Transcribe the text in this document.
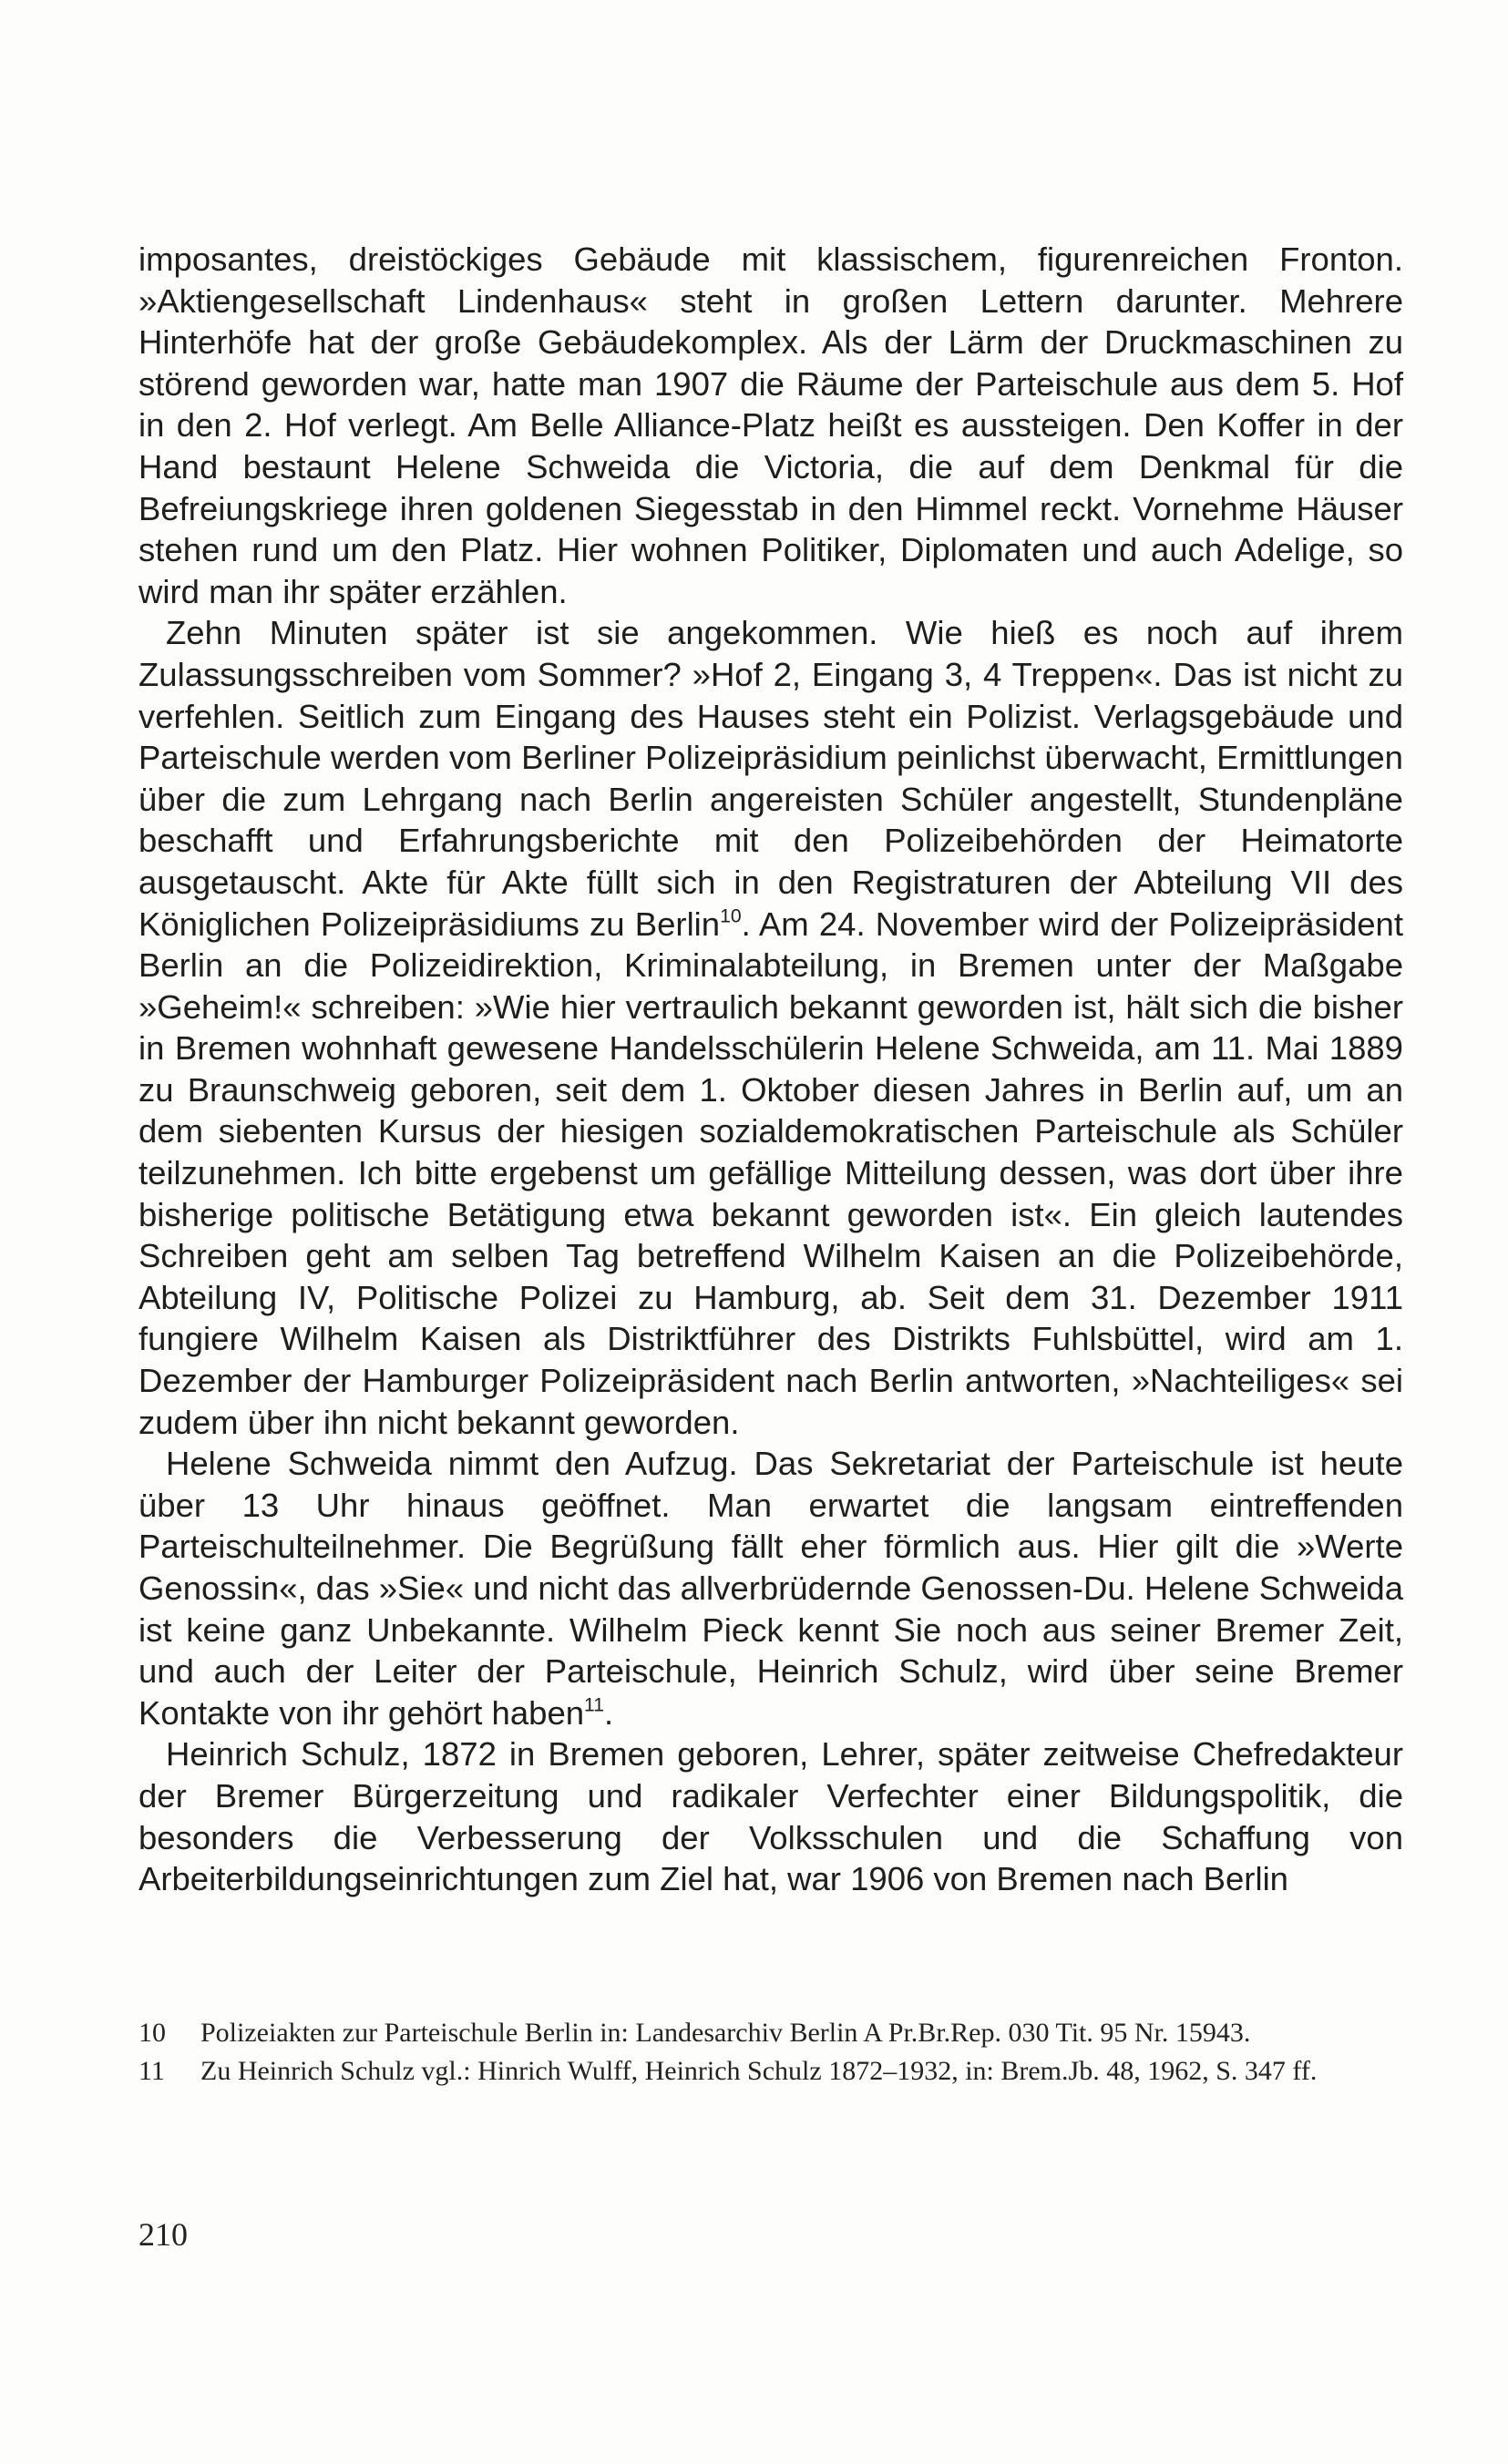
imposantes, dreistöckiges Gebäude mit klassischem, figurenreichen Fronton. »Aktiengesellschaft Lindenhaus« steht in großen Lettern darunter. Mehrere Hinterhöfe hat der große Gebäudekomplex. Als der Lärm der Druckmaschinen zu störend geworden war, hatte man 1907 die Räume der Parteischule aus dem 5. Hof in den 2. Hof verlegt. Am Belle Alliance-Platz heißt es aussteigen. Den Koffer in der Hand bestaunt Helene Schweida die Victoria, die auf dem Denkmal für die Befreiungskriege ihren goldenen Siegesstab in den Himmel reckt. Vornehme Häuser stehen rund um den Platz. Hier wohnen Politiker, Diplomaten und auch Adelige, so wird man ihr später erzählen.

Zehn Minuten später ist sie angekommen. Wie hieß es noch auf ihrem Zulassungsschreiben vom Sommer? »Hof 2, Eingang 3, 4 Treppen«. Das ist nicht zu verfehlen. Seitlich zum Eingang des Hauses steht ein Polizist. Verlagsgebäude und Parteischule werden vom Berliner Polizeipräsidium peinlichst überwacht, Ermittlungen über die zum Lehrgang nach Berlin angereisten Schüler angestellt, Stundenpläne beschafft und Erfahrungsberichte mit den Polizeibehörden der Heimatorte ausgetauscht. Akte für Akte füllt sich in den Registraturen der Abteilung VII des Königlichen Polizeipräsidiums zu Berlin$^{10}$. Am 24. November wird der Polizeipräsident Berlin an die Polizeidirektion, Kriminalabteilung, in Bremen unter der Maßgabe »Geheim!« schreiben: »Wie hier vertraulich bekannt geworden ist, hält sich die bisher in Bremen wohnhaft gewesene Handelsschülerin Helene Schweida, am 11. Mai 1889 zu Braunschweig geboren, seit dem 1. Oktober diesen Jahres in Berlin auf, um an dem siebenten Kursus der hiesigen sozialdemokratischen Parteischule als Schüler teilzunehmen. Ich bitte ergebenst um gefällige Mitteilung dessen, was dort über ihre bisherige politische Betätigung etwa bekannt geworden ist«. Ein gleich lautendes Schreiben geht am selben Tag betreffend Wilhelm Kaisen an die Polizeibehörde, Abteilung IV, Politische Polizei zu Hamburg, ab. Seit dem 31. Dezember 1911 fungiere Wilhelm Kaisen als Distriktführer des Distrikts Fuhlsbüttel, wird am 1. Dezember der Hamburger Polizeipräsident nach Berlin antworten, »Nachteiliges« sei zudem über ihn nicht bekannt geworden.

Helene Schweida nimmt den Aufzug. Das Sekretariat der Parteischule ist heute über 13 Uhr hinaus geöffnet. Man erwartet die langsam eintreffenden Parteischulteilnehmer. Die Begrüßung fällt eher förmlich aus. Hier gilt die »Werte Genossin«, das »Sie« und nicht das allverbrüdernde Genossen-Du. Helene Schweida ist keine ganz Unbekannte. Wilhelm Pieck kennt Sie noch aus seiner Bremer Zeit, und auch der Leiter der Parteischule, Heinrich Schulz, wird über seine Bremer Kontakte von ihr gehört haben$^{11}$.

Heinrich Schulz, 1872 in Bremen geboren, Lehrer, später zeitweise Chefredakteur der Bremer Bürgerzeitung und radikaler Verfechter einer Bildungspolitik, die besonders die Verbesserung der Volksschulen und die Schaffung von Arbeiterbildungseinrichtungen zum Ziel hat, war 1906 von Bremen nach Berlin

10	Polizeiakten zur Parteischule Berlin in: Landesarchiv Berlin A Pr.Br.Rep. 030 Tit. 95 Nr. 15943.
11	Zu Heinrich Schulz vgl.: Hinrich Wulff, Heinrich Schulz 1872–1932, in: Brem.Jb. 48, 1962, S. 347 ff.
210
